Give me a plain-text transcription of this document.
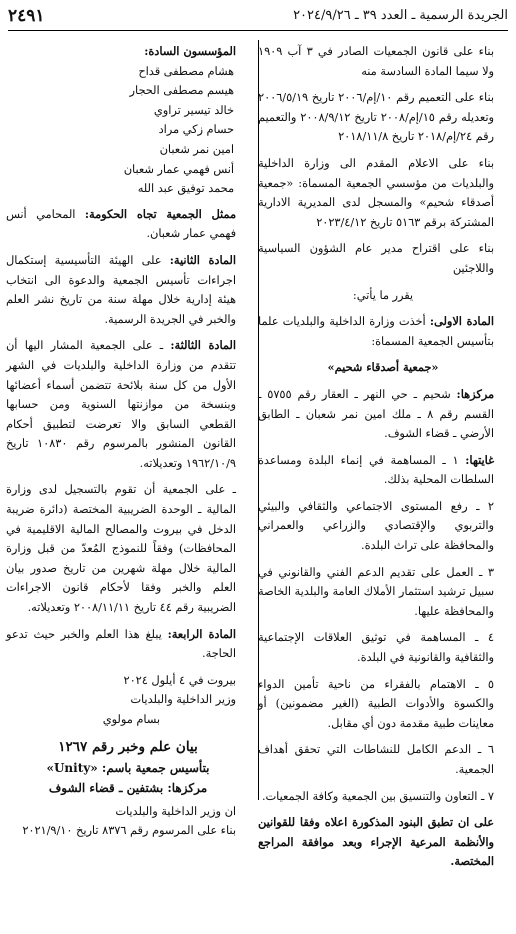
الجريدة الرسمية ـ العدد ٣٩ ـ ٢٠٢٤/٩/٢٦
٢٤٩١

بناء على قانون الجمعيات الصادر في ٣ آب ١٩٠٩ ولا سيما المادة السادسة منه

بناء على التعميم رقم ١٠/إم/٢٠٠٦ تاريخ ٢٠٠٦/٥/١٩ وتعديله رقم ١٥/إم/٢٠٠٨ تاريخ ٢٠٠٨/٩/١٢ والتعميم رقم ٢٤/إم/٢٠١٨ تاريخ ٢٠١٨/١١/٨

بناء على الاعلام المقدم الى وزارة الداخلية والبلديات من مؤسسي الجمعية المسماة: «جمعية أصدقاء شحيم» والمسجل لدى المديرية الادارية المشتركة برقم ٥١٦٣ تاريخ ٢٠٢٣/٤/١٢

بناء على اقتراح مدير عام الشؤون السياسية واللاجئين

يقرر ما يأتي:

المادة الاولى: أخذت وزارة الداخلية والبلديات علما بتأسيس الجمعية المسماة:

«جمعية أصدقاء شحيم»

مركزها: شحيم ـ حي النهر ـ العقار رقم ٥٧٥٥ ـ القسم رقم ٨ ـ ملك امين نمر شعبان ـ الطابق الأرضي ـ قضاء الشوف.

غايتها: ١ ـ المساهمة في إنماء البلدة ومساعدة السلطات المحلية بذلك.

٢ ـ رفع المستوى الاجتماعي والثقافي والبيئي والتربوي والإقتصادي والزراعي والعمراني والمحافظة على تراث البلدة.

٣ ـ العمل على تقديم الدعم الفني والقانوني في سبيل ترشيد استثمار الأملاك العامة والبلدية الخاصة والمحافظة عليها.

٤ ـ المساهمة في توثيق العلاقات الإجتماعية والثقافية والقانونية في البلدة.

٥ ـ الاهتمام بالفقراء من ناحية تأمين الدواء والكسوة والأدوات الطبية (الغير مضمونين) أو معاينات طبية مقدمة دون أي مقابل.

٦ ـ الدعم الكامل للنشاطات التي تحقق أهداف الجمعية.

٧ ـ التعاون والتنسيق بين الجمعية وكافة الجمعيات.

على ان تطبق البنود المذكورة اعلاه وفقا للقوانين والأنظمة المرعية الإجراء وبعد موافقة المراجع المختصة.

المؤسسون السادة:

هشام مصطفى قداح

هيسم مصطفى الحجار

خالد تيسير تراوي

حسام زكي مراد

امين نمر شعبان

أنس فهمي عمار شعبان

محمد توفيق عبد الله

ممثل الجمعية تجاه الحكومة: المحامي أنس فهمي عمار شعبان.

المادة الثانية: على الهيئة التأسيسية إستكمال اجراءات تأسيس الجمعية والدعوة الى انتخاب هيئة إدارية خلال مهلة سنة من تاريخ نشر العلم والخبر في الجريدة الرسمية.

المادة الثالثة: ـ على الجمعية المشار اليها أن تتقدم من وزارة الداخلية والبلديات في الشهر الأول من كل سنة بلائحة تتضمن أسماء أعضائها وبنسخة من موازنتها السنوية ومن حسابها القطعي السابق والا تعرضت لتطبيق أحكام القانون المنشور بالمرسوم رقم ١٠٨٣٠ تاريخ ١٩٦٢/١٠/٩ وتعديلاته.

ـ على الجمعية أن تقوم بالتسجيل لدى وزارة المالية ـ الوحدة الضريبية المختصة (دائرة ضريبة الدخل في بيروت والمصالح المالية الاقليمية في المحافظات) وفقاً للنموذج المُعدّ من قبل وزارة المالية خلال مهلة شهرين من تاريخ صدور بيان العلم والخبر وفقا لأحكام قانون الاجراءات الضريبية رقم ٤٤ تاريخ ٢٠٠٨/١١/١١ وتعديلاته.

المادة الرابعة: يبلغ هذا العلم والخبر حيث تدعو الحاجة.

بيروت في ٤ أيلول ٢٠٢٤

وزير الداخلية والبلديات

بسام مولوي

بيان علم وخبر رقم ١٢٦٧

بتأسيس جمعية باسم: «Unity»

مركزها: بشتفين ـ قضاء الشوف

ان وزير الداخلية والبلديات

بناء على المرسوم رقم ٨٣٧٦ تاريخ ٢٠٢١/٩/١٠
